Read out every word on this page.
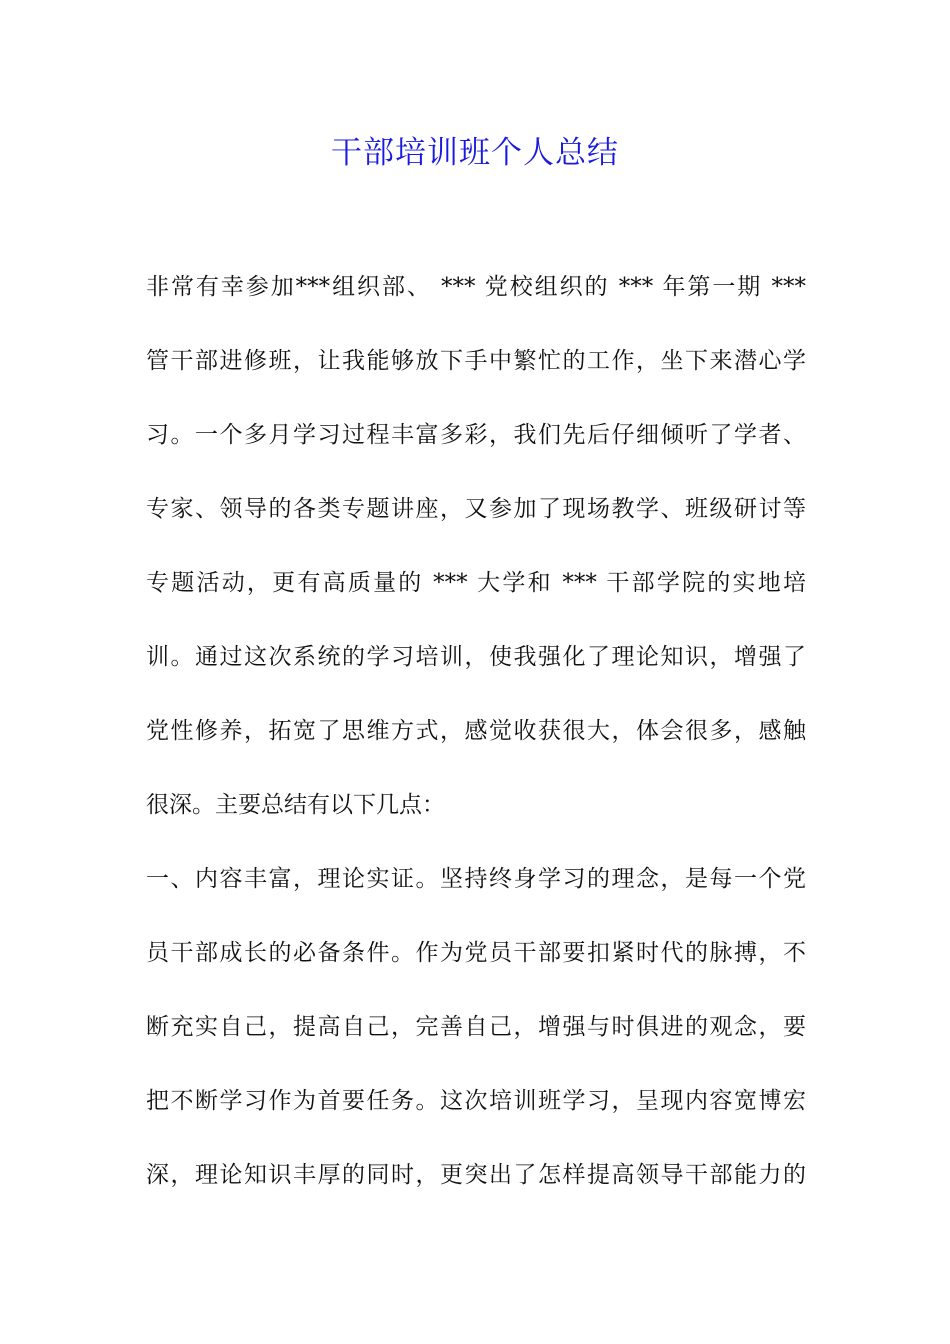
干部培训班个人总结
非常有幸参加***组织部、 *** 党校组织的 *** 年第一期 ***
管干部进修班，让我能够放下手中繁忙的工作，坐下来潜心学
习。一个多月学习过程丰富多彩，我们先后仔细倾听了学者、
专家、领导的各类专题讲座，又参加了现场教学、班级研讨等
专题活动，更有高质量的 *** 大学和 *** 干部学院的实地培
训。通过这次系统的学习培训，使我强化了理论知识，增强了
党性修养，拓宽了思维方式，感觉收获很大，体会很多，感触
很深。主要总结有以下几点：
一、内容丰富，理论实证。坚持终身学习的理念，是每一个党
员干部成长的必备条件。作为党员干部要扣紧时代的脉搏，不
断充实自己，提高自己，完善自己，增强与时俱进的观念，要
把不断学习作为首要任务。这次培训班学习，呈现内容宽博宏
深，理论知识丰厚的同时，更突出了怎样提高领导干部能力的
